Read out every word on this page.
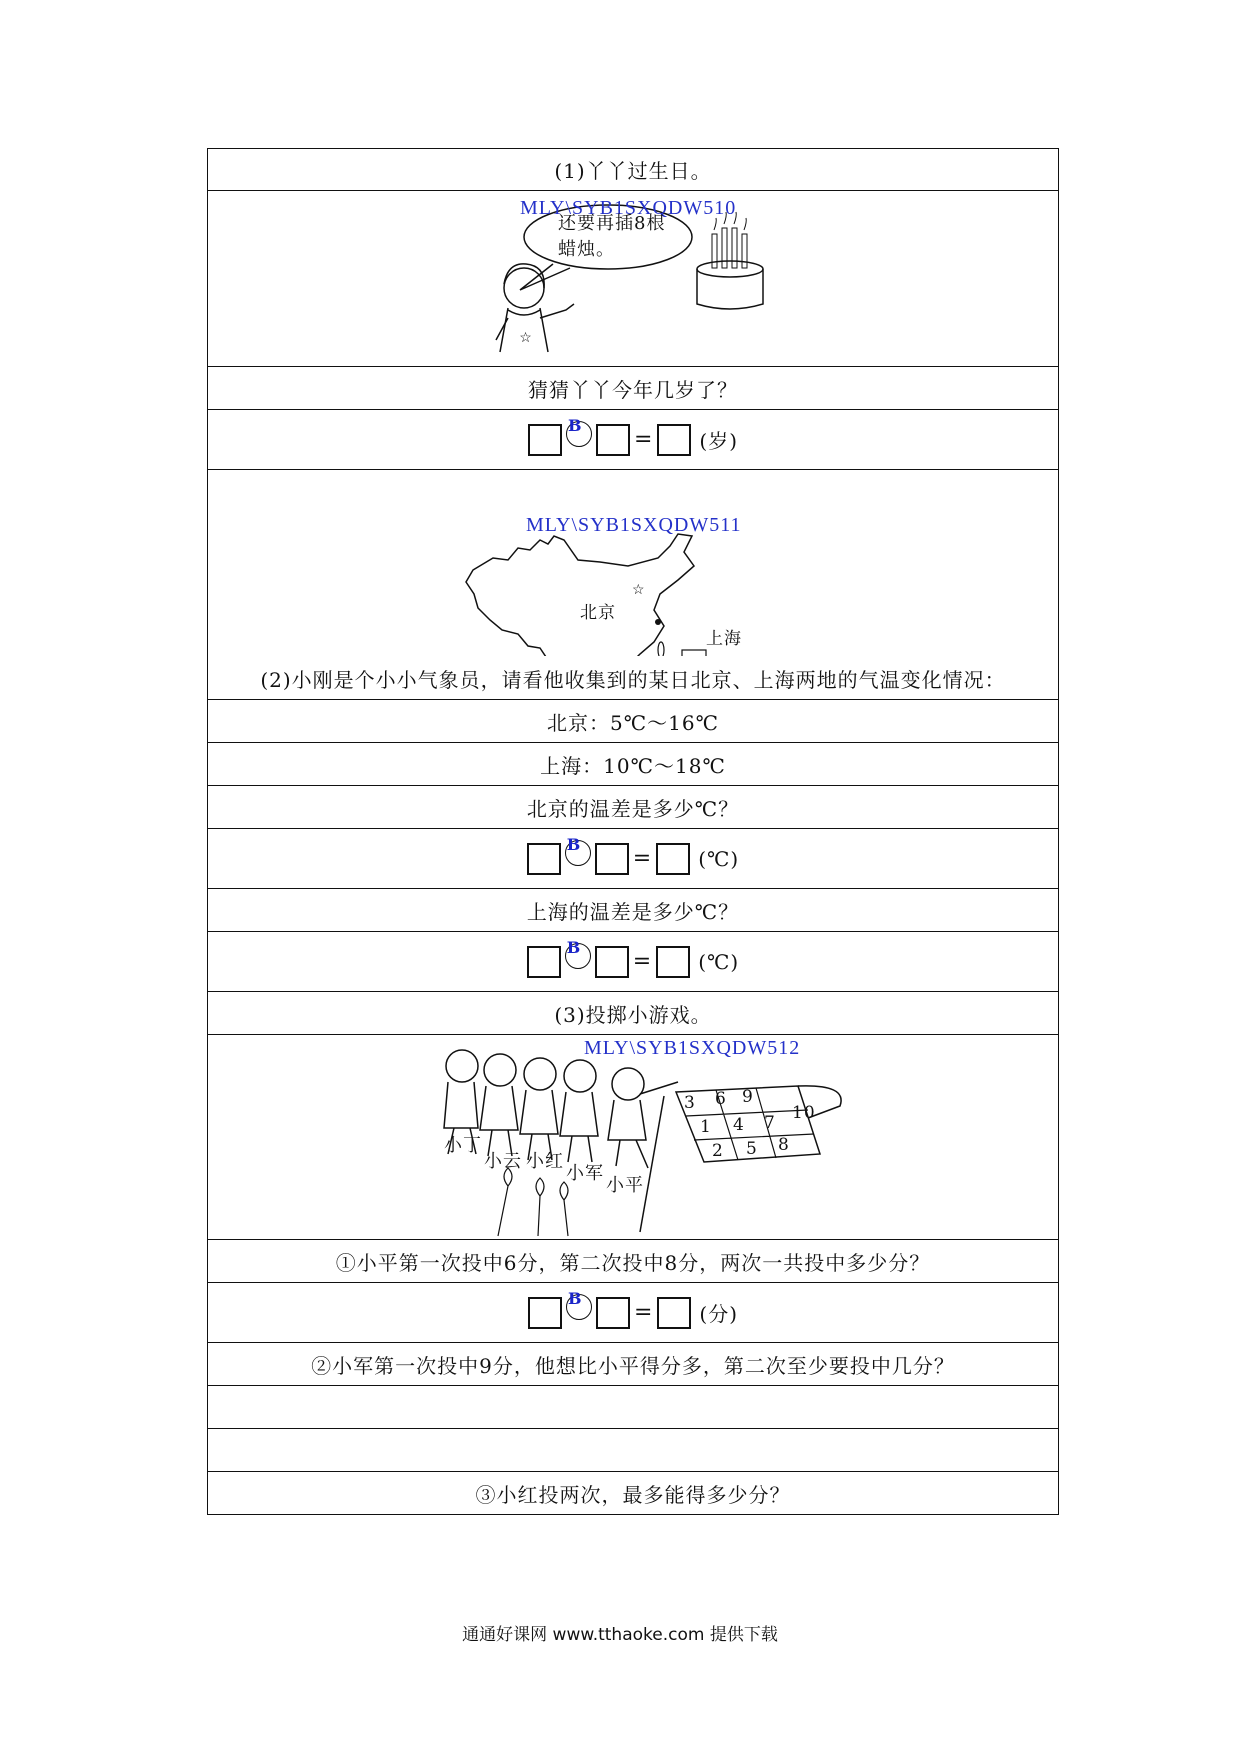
(1)丫丫过生日。
☆
MLY\SYB1SXQDW510
还要再插8根蜡烛。
猜猜丫丫今年几岁了？
B
= (岁)
☆
MLY\SYB1SXQDW511
北京
上海
(2)小刚是个小小气象员，请看他收集到的某日北京、上海两地的气温变化情况：
北京：5℃～16℃
上海：10℃～18℃
北京的温差是多少℃？
B
= (℃)
上海的温差是多少℃？
B
= (℃)
(3)投掷小游戏。
MLY\SYB1SXQDW512
小丁
小云 小红
小军
小平
3 6 9
1 4 7 10
2 5 8
①小平第一次投中6分，第二次投中8分，两次一共投中多少分？
B
= (分)
②小军第一次投中9分，他想比小平得分多，第二次至少要投中几分？
③小红投两次，最多能得多少分？
通通好课网 www.tthaoke.com 提供下载
